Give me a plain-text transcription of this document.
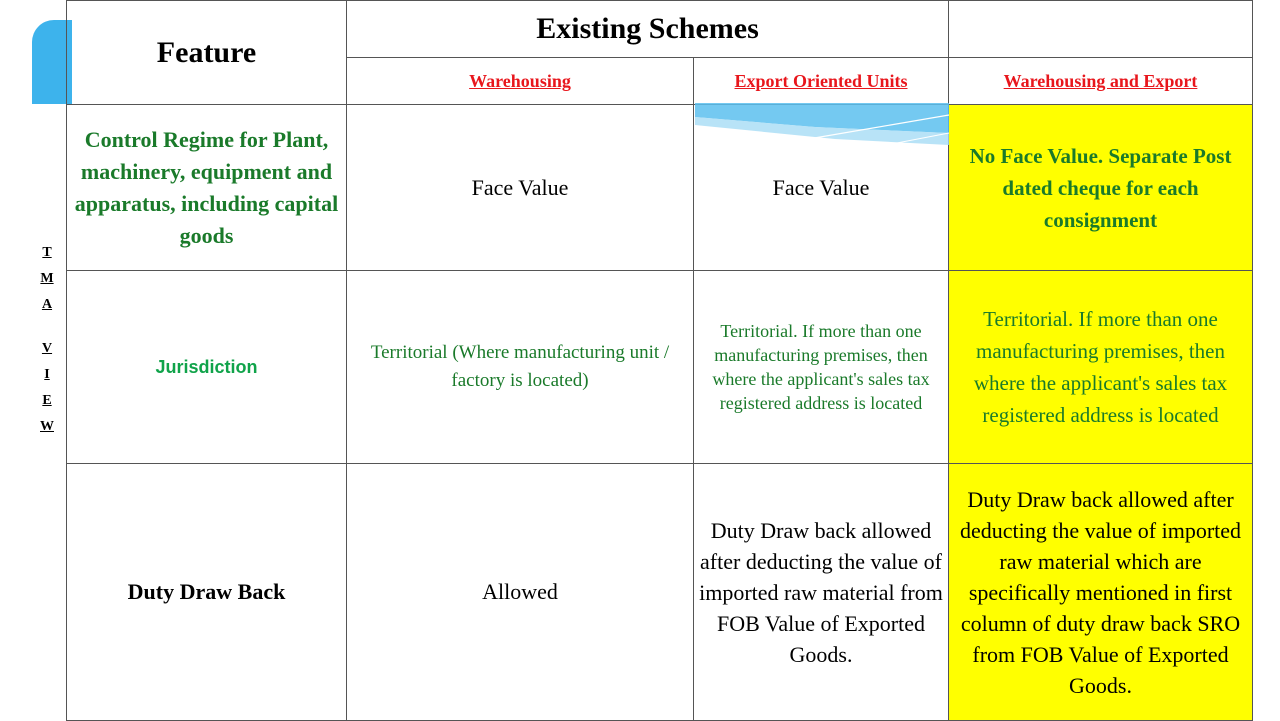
T
M
A
V
I
E
W
Feature	Existing Schemes		
	Warehousing	Export Oriented Units	Warehousing and Export
Control Regime for Plant, machinery, equipment and apparatus, including capital goods	Face Value	Face Value	No Face Value. Separate Post dated cheque for each consignment
Jurisdiction	Territorial (Where manufacturing unit / factory is located)	Territorial. If more than one manufacturing premises, then where the applicant's sales tax registered address is located	Territorial. If more than one manufacturing premises, then where the applicant's sales tax registered address is located
Duty Draw Back	Allowed	Duty Draw back allowed after deducting the value of imported raw material from FOB Value of Exported Goods.	Duty Draw back allowed after deducting the value of imported raw material which are specifically mentioned in first column of duty draw back SRO from FOB Value of Exported Goods.
